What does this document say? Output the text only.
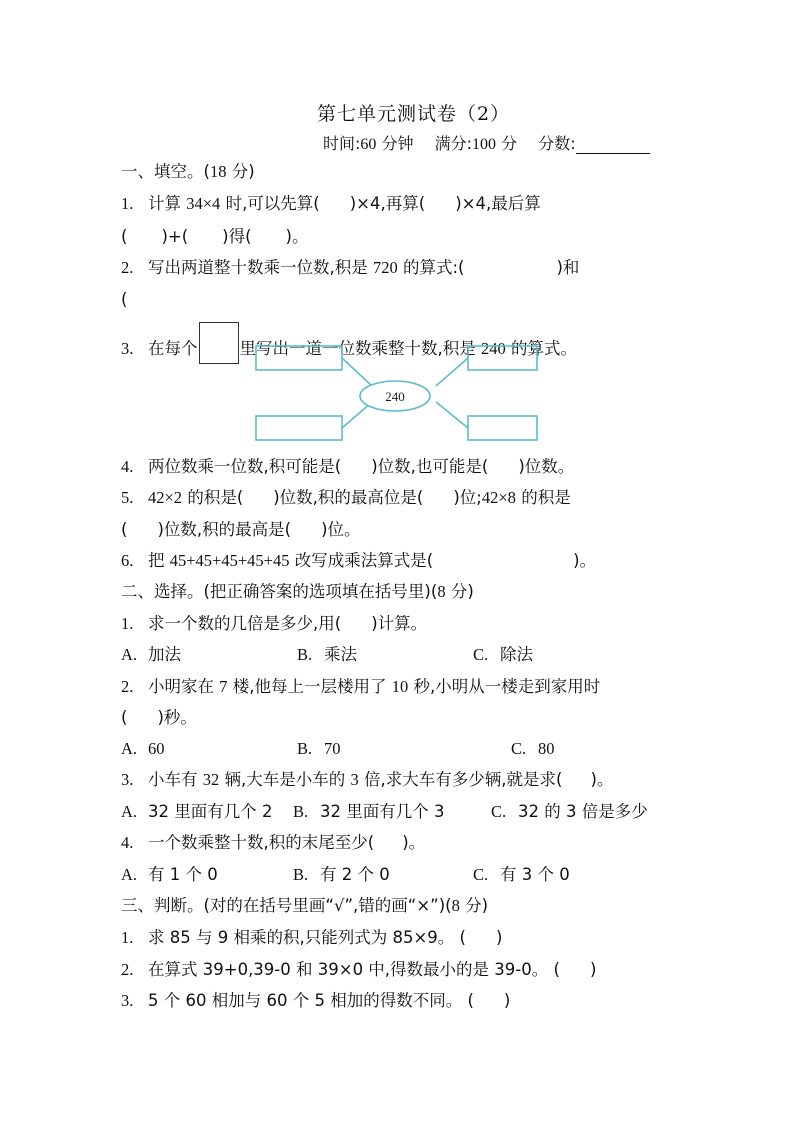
第七单元测试卷（2）
时间:60 分钟 满分:100 分 分数:
一、填空。(18 分)
1. 计算 34×4 时,可以先算( )×4,再算( )×4,最后算
( )+( )得( )。
2. 写出两道整十数乘一位数,积是 720 的算式:(	)和
(
3. 在每个	里写出一道一位数乘整十数,积是 240 的算式。
240
4. 两位数乘一位数,积可能是( )位数,也可能是( )位数。
5. 42×2 的积是( )位数,积的最高位是( )位;42×8 的积是
( )位数,积的最高是( )位。
6. 把 45+45+45+45+45 改写成乘法算式是(	)。
二、选择。(把正确答案的选项填在括号里)(8 分)
1. 求一个数的几倍是多少,用( )计算。
A. 加法	B. 乘法	C. 除法
2. 小明家在 7 楼,他每上一层楼用了 10 秒,小明从一楼走到家用时
( )秒。
A. 60	B. 70	C. 80
3. 小车有 32 辆,大车是小车的 3 倍,求大车有多少辆,就是求( )。
A. 32 里面有几个 2 B. 32 里面有几个 3	C. 32 的 3 倍是多少
4. 一个数乘整十数,积的末尾至少( )。
A. 有 1 个 0	B. 有 2 个 0	C. 有 3 个 0
三、判断。(对的在括号里画“√”,错的画“×”)(8 分)
1. 求 85 与 9 相乘的积,只能列式为 85×9。 ( )
2. 在算式 39+0,39-0 和 39×0 中,得数最小的是 39-0。 ( )
3. 5 个 60 相加与 60 个 5 相加的得数不同。 ( )
